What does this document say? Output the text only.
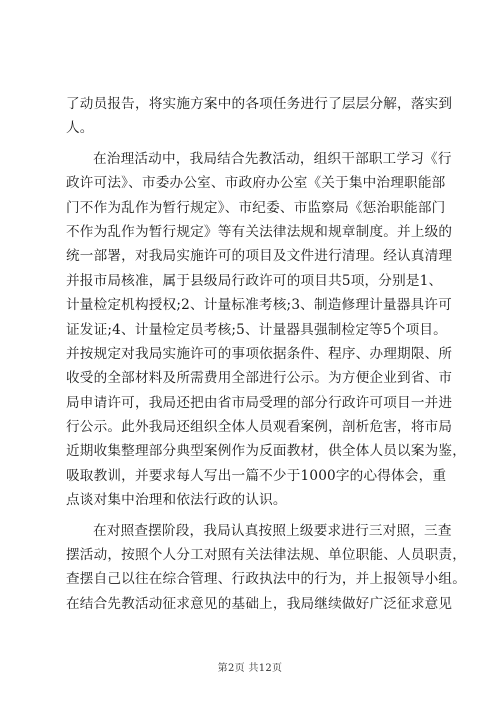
了动员报告，将实施方案中的各项任务进行了层层分解，落实到
人。
在治理活动中，我局结合先教活动，组织干部职工学习《行
政许可法》、市委办公室、市政府办公室《关于集中治理职能部
门不作为乱作为暂行规定》、市纪委、市监察局《惩治职能部门
不作为乱作为暂行规定》等有关法律法规和规章制度。并上级的
统一部署，对我局实施许可的项目及文件进行清理。经认真清理
并报市局核准，属于县级局行政许可的项目共5项，分别是1、
计量检定机构授权;2、计量标准考核;3、制造修理计量器具许可
证发证;4、计量检定员考核;5、计量器具强制检定等5个项目。
并按规定对我局实施许可的事项依据条件、程序、办理期限、所
收受的全部材料及所需费用全部进行公示。为方便企业到省、市
局申请许可，我局还把由省市局受理的部分行政许可项目一并进
行公示。此外我局还组织全体人员观看案例，剖析危害，将市局
近期收集整理部分典型案例作为反面教材，供全体人员以案为鉴，
吸取教训，并要求每人写出一篇不少于1000字的心得体会，重
点谈对集中治理和依法行政的认识。
在对照查摆阶段，我局认真按照上级要求进行三对照，三查
摆活动，按照个人分工对照有关法律法规、单位职能、人员职责，
查摆自己以往在综合管理、行政执法中的行为，并上报领导小组。
在结合先教活动征求意见的基础上，我局继续做好广泛征求意见
第2页 共12页
